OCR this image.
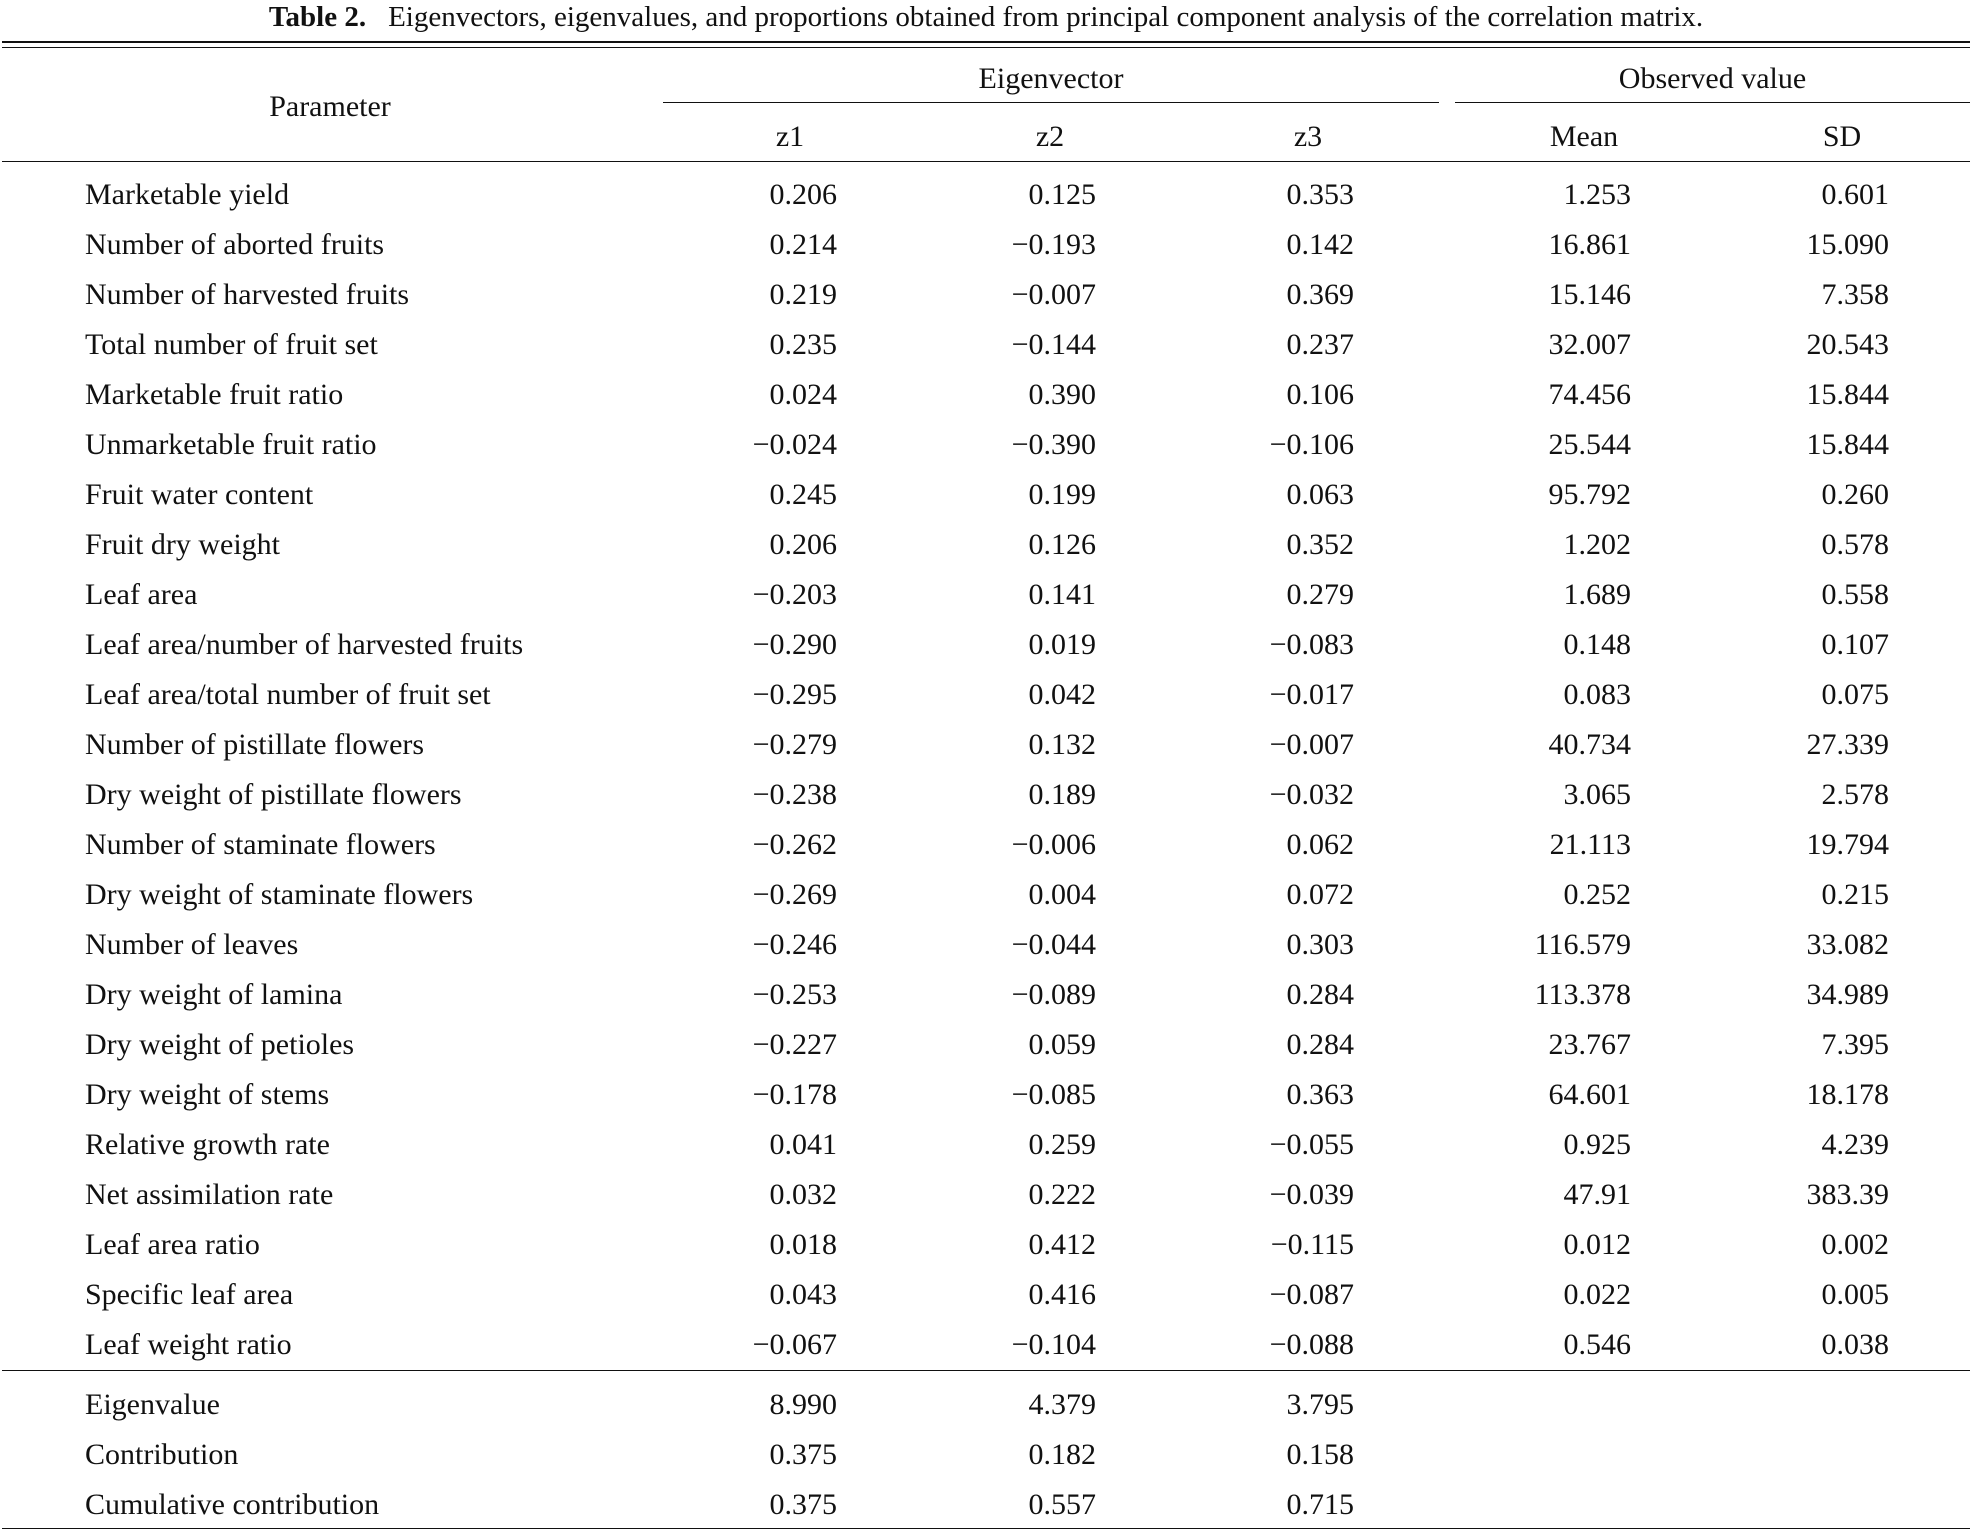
Table 2. Eigenvectors, eigenvalues, and proportions obtained from principal component analysis of the correlation matrix.
Parameter
Eigenvector	Observed value
z1	z2	z3	Mean	SD
Marketable yield	0.206	0.125	0.353	1.253	0.601
Number of aborted fruits	0.214	−0.193	0.142	16.861	15.090
Number of harvested fruits	0.219	−0.007	0.369	15.146	7.358
Total number of fruit set	0.235	−0.144	0.237	32.007	20.543
Marketable fruit ratio	0.024	0.390	0.106	74.456	15.844
Unmarketable fruit ratio	−0.024	−0.390	−0.106	25.544	15.844
Fruit water content	0.245	0.199	0.063	95.792	0.260
Fruit dry weight	0.206	0.126	0.352	1.202	0.578
Leaf area	−0.203	0.141	0.279	1.689	0.558
Leaf area/number of harvested fruits	−0.290	0.019	−0.083	0.148	0.107
Leaf area/total number of fruit set	−0.295	0.042	−0.017	0.083	0.075
Number of pistillate flowers	−0.279	0.132	−0.007	40.734	27.339
Dry weight of pistillate flowers	−0.238	0.189	−0.032	3.065	2.578
Number of staminate flowers	−0.262	−0.006	0.062	21.113	19.794
Dry weight of staminate flowers	−0.269	0.004	0.072	0.252	0.215
Number of leaves	−0.246	−0.044	0.303	116.579	33.082
Dry weight of lamina	−0.253	−0.089	0.284	113.378	34.989
Dry weight of petioles	−0.227	0.059	0.284	23.767	7.395
Dry weight of stems	−0.178	−0.085	0.363	64.601	18.178
Relative growth rate	0.041	0.259	−0.055	0.925	4.239
Net assimilation rate	0.032	0.222	−0.039	47.91	383.39
Leaf area ratio	0.018	0.412	−0.115	0.012	0.002
Specific leaf area	0.043	0.416	−0.087	0.022	0.005
Leaf weight ratio	−0.067	−0.104	−0.088	0.546	0.038
Eigenvalue	8.990	4.379	3.795
Contribution	0.375	0.182	0.158
Cumulative contribution	0.375	0.557	0.715
